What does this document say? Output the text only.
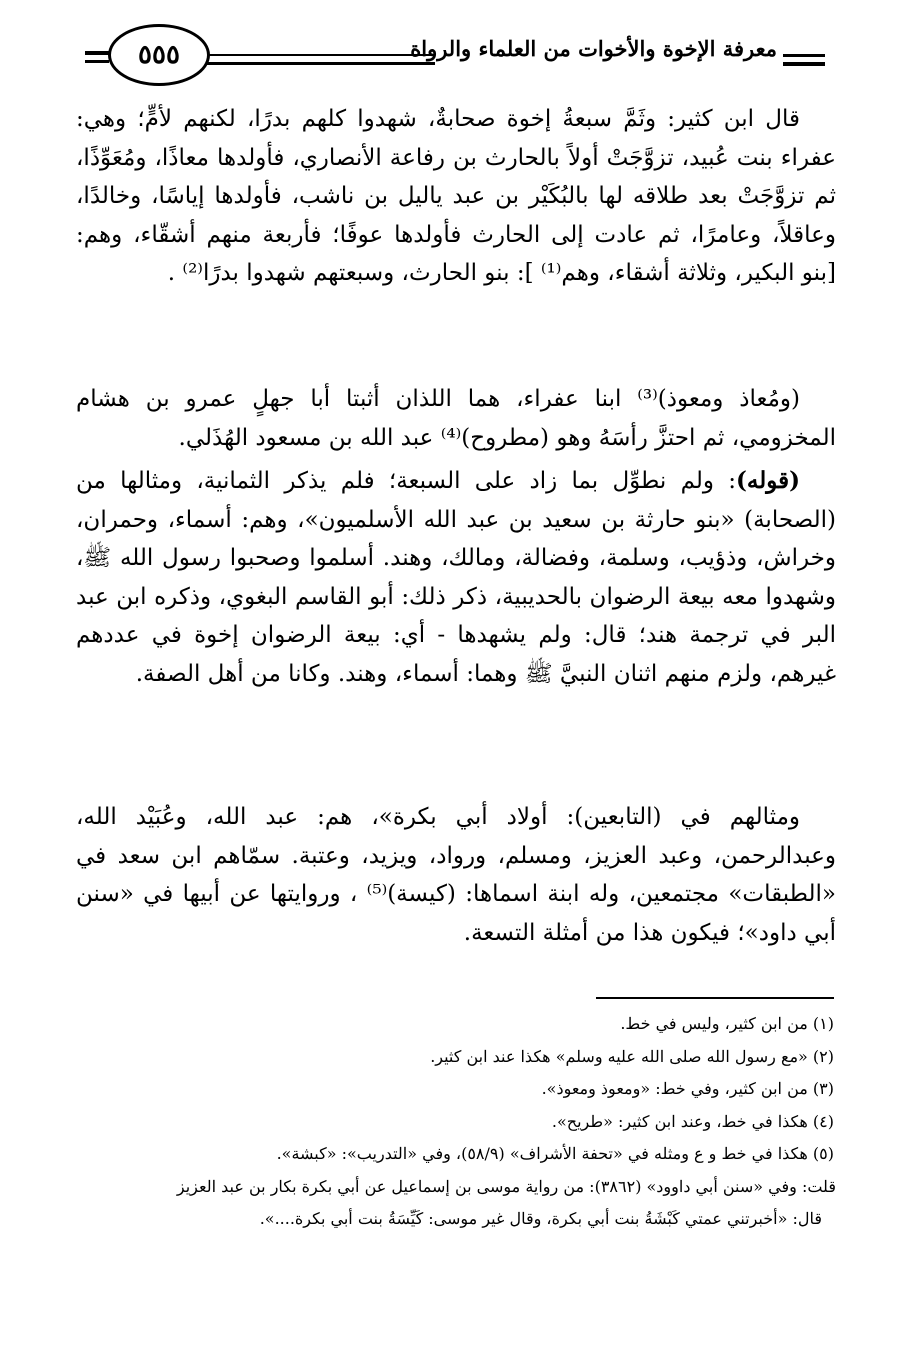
٥٥٥	معرفة الإخوة والأخوات من العلماء والرواة

قال ابن كثير: وثَمَّ سبعةُ إخوة صحابةٌ، شهدوا كلهم بدرًا، لكنهم لأمٍّ؛ وهي: عفراء بنت عُبيد، تزوَّجَتْ أولاً بالحارث بن رفاعة الأنصاري، فأولدها معاذًا، ومُعَوِّذًا، ثم تزوَّجَتْ بعد طلاقه لها بالبُكَيْر بن عبد ياليل بن ناشب، فأولدها إياسًا، وخالدًا، وعاقلاً، وعامرًا، ثم عادت إلى الحارث فأولدها عوفًا؛ فأربعة منهم أشقّاء، وهم: [بنو البكير، وثلاثة أشقاء، وهم⁽¹⁾ ]: بنو الحارث، وسبعتهم شهدوا بدرًا⁽²⁾ .

(ومُعاذ ومعوذ)⁽³⁾ ابنا عفراء، هما اللذان أثبتا أبا جهلٍ عمرو بن هشام المخزومي، ثم احتزَّ رأسَهُ وهو (مطروح)⁽⁴⁾ عبد الله بن مسعود الهُذَلي.

(قوله): ولم نطوِّل بما زاد على السبعة؛ فلم يذكر الثمانية، ومثالها من (الصحابة) «بنو حارثة بن سعيد بن عبد الله الأسلميون»، وهم: أسماء، وحمران، وخراش، وذؤيب، وسلمة، وفضالة، ومالك، وهند. أسلموا وصحبوا رسول الله ﷺ، وشهدوا معه بيعة الرضوان بالحديبية، ذكر ذلك: أبو القاسم البغوي، وذكره ابن عبد البر في ترجمة هند؛ قال: ولم يشهدها - أي: بيعة الرضوان إخوة في عددهم غيرهم، ولزم منهم اثنان النبيَّ ﷺ وهما: أسماء، وهند. وكانا من أهل الصفة.

ومثالهم في (التابعين): أولاد أبي بكرة»، هم: عبد الله، وعُبَيْد الله، وعبدالرحمن، وعبد العزيز، ومسلم، ورواد، ويزيد، وعتبة. سمّاهم ابن سعد في «الطبقات» مجتمعين، وله ابنة اسماها: (كيسة)⁽⁵⁾ ، وروايتها عن أبيها في «سنن أبي داود»؛ فيكون هذا من أمثلة التسعة.

(١) من ابن كثير، وليس في خط.

(٢) «مع رسول الله صلى الله عليه وسلم» هكذا عند ابن كثير.

(٣) من ابن كثير، وفي خط: «ومعوذ ومعوذ».

(٤) هكذا في خط، وعند ابن كثير: «طريح».

(٥) هكذا في خط و ع ومثله في «تحفة الأشراف» (٥٨/٩)، وفي «التدريب»: «كبشة».

قلت: وفي «سنن أبي داوود» (٣٨٦٢): من رواية موسى بن إسماعيل عن أبي بكرة بكار بن عبد العزيز

قال: «أخبرتني عمتي كَبْشَةُ بنت أبي بكرة، وقال غير موسى: كَيِّسَةُ بنت أبي بكرة....».
